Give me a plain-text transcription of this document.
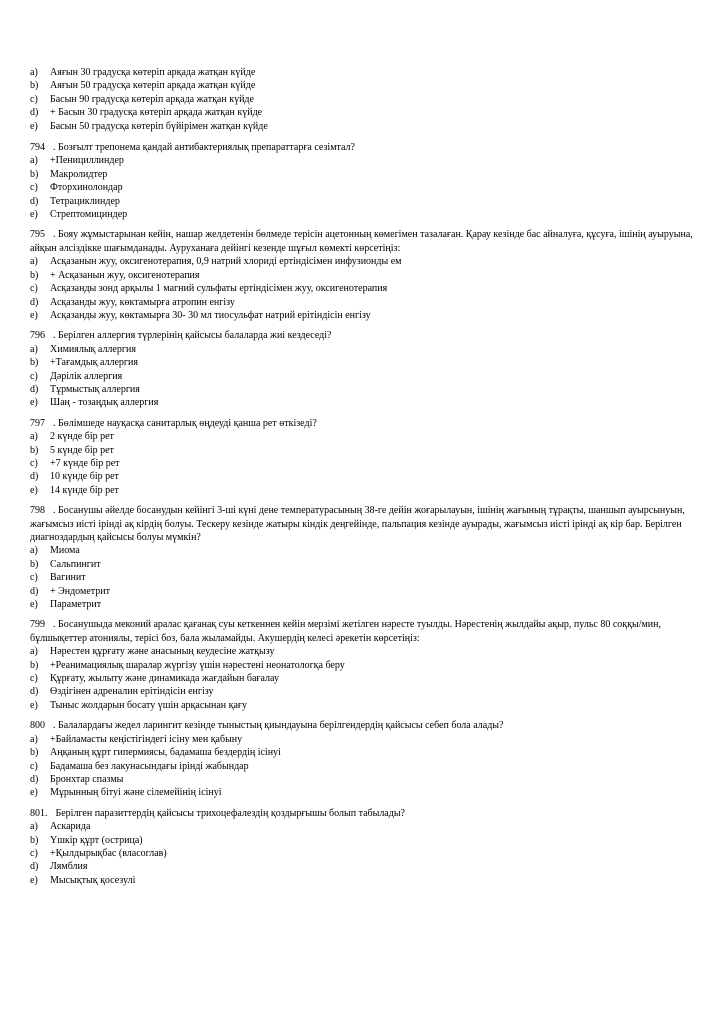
a)	Аяғын 30 градусқа көтеріп арқада жатқан күйде
b)	Аяғын 50 градусқа көтеріп арқада жатқан күйде
c)	Басын 90 градусқа көтеріп арқада жатқан күйде
d)	+ Басын 30 градусқа көтеріп арқада жатқан күйде
e)	Басын 50 градусқа көтеріп бүйірімен жатқан күйде

794 . Бозғылт трепонема қандай антибактериялық препараттарға сезімтал?

a)	+Пенициллиндер
b)	Макролидтер
c)	Фторхинолондар
d)	Тетрациклиндер
e)	Стрептомициндер

795 . Бояу жұмыстарынан кейін, нашар желдетенін бөлмеде терісін ацетонның көмегімен тазалаған. Қарау кезінде бас айналуға, құсуға, ішінің ауыруына, айқын әлсіздікке шағымданады. Ауруханаға дейінгі кезенде шұғыл көмекті көрсетіңіз:

a)	Асқазанын жуу, оксигенотерапия, 0,9 натрий хлориді ертіндісімен инфузионды ем
b)	+ Асқазанын жуу, оксигенотерапия
c)	Асқазанды зонд арқылы 1 магний сульфаты ертіндісімен жуу, оксигенотерапия
d)	Асқазанды жуу, көктамырға атропин енгізу
e)	Асқазанды жуу, көктамырға 30- 30 мл тиосульфат натрий ерітіндісін енгізу

796 . Берілген аллергия түрлерінің қайсысы балаларда жиі кездеседі?

a)	Химиялық аллергия
b)	+Тағамдық аллергия
c)	Дәрілік аллергия
d)	Тұрмыстық аллергия
e)	Шаң - тозаңдық аллергия

797 . Бөлімшеде науқасқа санитарлық өңдеуді қанша рет өткізеді?

a)	2 күнде бір рет
b)	5 күнде бір рет
c)	+7 күнде бір рет
d)	10 күнде бір рет
e)	14 күнде бір рет

798 . Босанушы әйелде босанудын кейінгі 3-ші күні дене температурасының 38-ге дейін жоғарылауын, ішінің жағының тұрақты, шаншып ауырсынуын, жағымсыз иісті ірінді ақ кірдің болуы. Тескеру кезінде жатыры кіндік деңгейінде, пальпация кезінде ауырады, жағымсыз иісті ірінді ақ кір бар. Берілген диагноздардың қайсысы болуы мүмкін?

a)	Миома
b)	Сальпингит
c)	Вагинит
d)	+ Эндометрит
e)	Параметрит

799 . Босанушыда меконий аралас қағанақ суы кеткеннен кейін мерзімі жетілген нәресте туылды. Нәрестенің жылдайы ақыр, пульс 80 соққы/мин, бұлшықеттер атониялы, терісі боз, бала жыламайды. Акушердің келесі әрекетін көрсетіңіз:

a)	Нәрестен құрғату және анасының кеудесіне жатқызу
b)	+Реанимациялық шаралар жүргізу үшін нәрестені неонатологқа беру
c)	Құрғату, жылыту және динамикада жағдайын бағалау
d)	Өздігінен адреналин ерітіндісін енгізу
e)	Тыныс жолдарын босату үшін арқасынан қағу

800 . Балалардағы жедел ларингит кезінде тыныстың қиындауына берілгендердің қайсысы себеп бола алады?

a)	+Байламасты кеңістігіндегі ісіну мен қабыну
b)	Аңқаның құрт гипермиясы, бадамаша бездердің ісінуі
c)	Бадамаша без лакунасындағы ірінді жабындар
d)	Бронхтар спазмы
e)	Мұрынның бітуі және сілемейінің ісінуі

801. Берілген паразиттердің қайсысы трихоцефалездің қоздырғышы болып табылады?

a)	Аскарида
b)	Үшкір құрт (острица)
c)	+Қылдырықбас (власоглав)
d)	Лямблия
e)	Мысықтық қосезулі
